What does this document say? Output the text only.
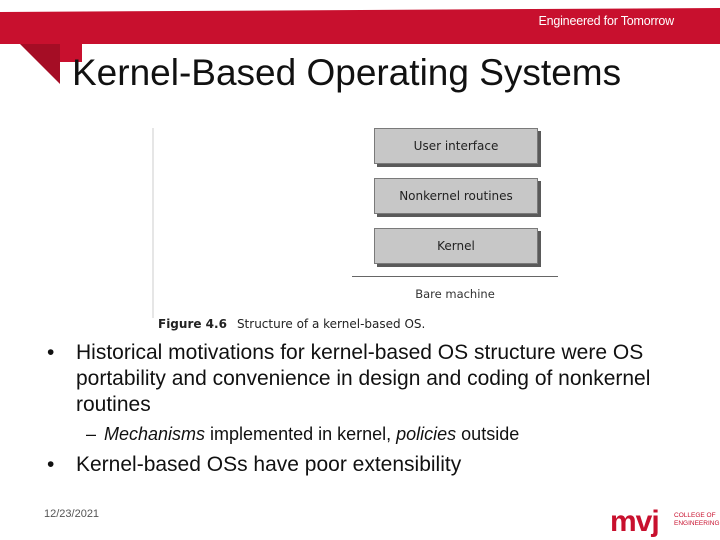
Engineered for Tomorrow
Kernel-Based Operating Systems
User interface
Nonkernel routines
Kernel
Bare machine
Figure 4.6 Structure of a kernel-based OS.
• Historical motivations for kernel-based OS structure were OS portability and convenience in design and coding of nonkernel routines
– Mechanisms implemented in kernel, policies outside
• Kernel-based OSs have poor extensibility
12/23/2021	mvj COLLEGE OF
ENGINEERING
